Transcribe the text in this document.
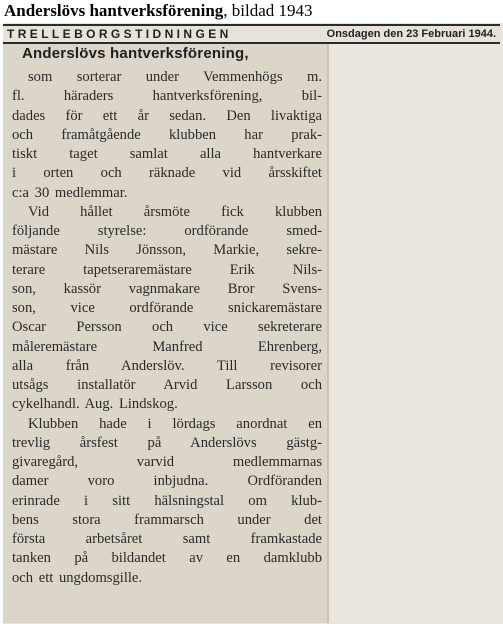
Anderslövs hantverksförening, bildad 1943
TRELLEBORGSTIDNINGEN	Onsdagen den 23 Februari 1944.
Anderslövs hantverksförening,
som sorterar under Vemmenhögs m.
fl. häraders hantverksförening, bil-
dades för ett år sedan. Den livaktiga
och framåtgående klubben har prak-
tiskt taget samlat alla hantverkare
i orten och räknade vid årsskiftet
c:a 30 medlemmar.
Vid hållet årsmöte fick klubben
följande styrelse: ordförande smed-
mästare Nils Jönsson, Markie, sekre-
terare tapetseraremästare Erik Nils-
son, kassör vagnmakare Bror Svens-
son, vice ordförande snickaremästare
Oscar Persson och vice sekreterare
måleremästare Manfred Ehrenberg,
alla från Anderslöv. Till revisorer
utsågs installatör Arvid Larsson och
cykelhandl. Aug. Lindskog.
Klubben hade i lördags anordnat en
trevlig årsfest på Anderslövs gästg-
givaregård, varvid medlemmarnas
damer voro inbjudna. Ordföranden
erinrade i sitt hälsningstal om klub-
bens stora frammarsch under det
första arbetsåret samt framkastade
tanken på bildandet av en damklubb
och ett ungdomsgille.
